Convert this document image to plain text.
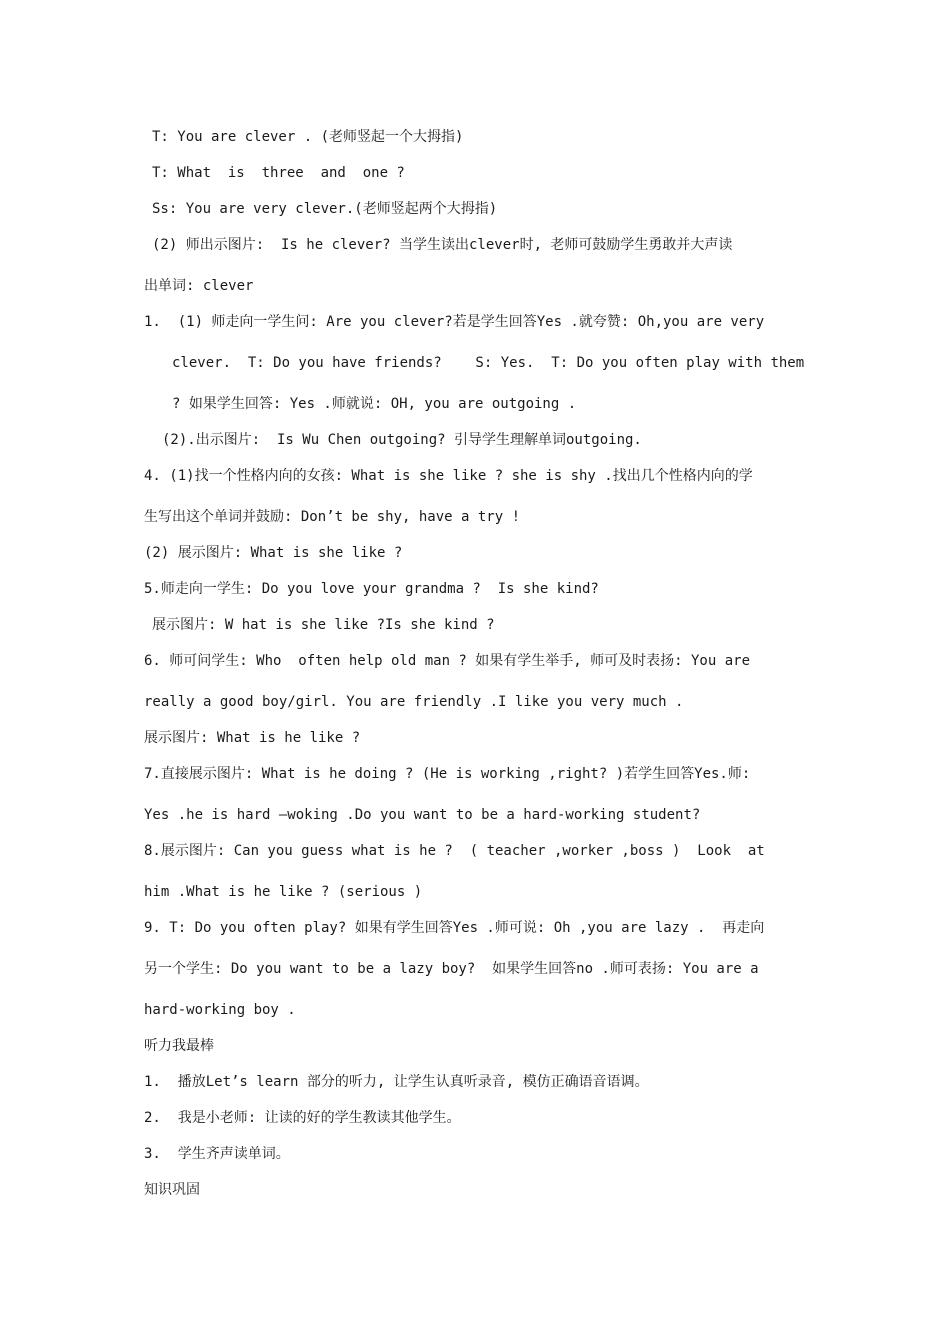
T: You are clever . (老师竖起一个大拇指)
T: What  is  three  and  one ?
Ss: You are very clever.(老师竖起两个大拇指)
(2) 师出示图片:  Is he clever? 当学生读出clever时, 老师可鼓励学生勇敢并大声读
出单词: clever
1.  (1) 师走向一学生问: Are you clever?若是学生回答Yes .就夸赞: Oh,you are very
clever.  T: Do you have friends?    S: Yes.  T: Do you often play with them
? 如果学生回答: Yes .师就说: OH, you are outgoing .
(2).出示图片:  Is Wu Chen outgoing? 引导学生理解单词outgoing.
4. (1)找一个性格内向的女孩: What is she like ? she is shy .找出几个性格内向的学
生写出这个单词并鼓励: Don’t be shy, have a try !
(2) 展示图片: What is she like ?
5.师走向一学生: Do you love your grandma ?  Is she kind?
展示图片: W hat is she like ?Is she kind ?
6. 师可问学生: Who  often help old man ? 如果有学生举手, 师可及时表扬: You are
really a good boy/girl. You are friendly .I like you very much .
展示图片: What is he like ?
7.直接展示图片: What is he doing ? (He is working ,right? )若学生回答Yes.师:
Yes .he is hard –woking .Do you want to be a hard-working student?
8.展示图片: Can you guess what is he ?  ( teacher ,worker ,boss )  Look  at
him .What is he like ? (serious )
9. T: Do you often play? 如果有学生回答Yes .师可说: Oh ,you are lazy .  再走向
另一个学生: Do you want to be a lazy boy?  如果学生回答no .师可表扬: You are a
hard-working boy .
听力我最棒
1.  播放Let’s learn 部分的听力, 让学生认真听录音, 模仿正确语音语调。
2.  我是小老师: 让读的好的学生教读其他学生。
3.  学生齐声读单词。
知识巩固
